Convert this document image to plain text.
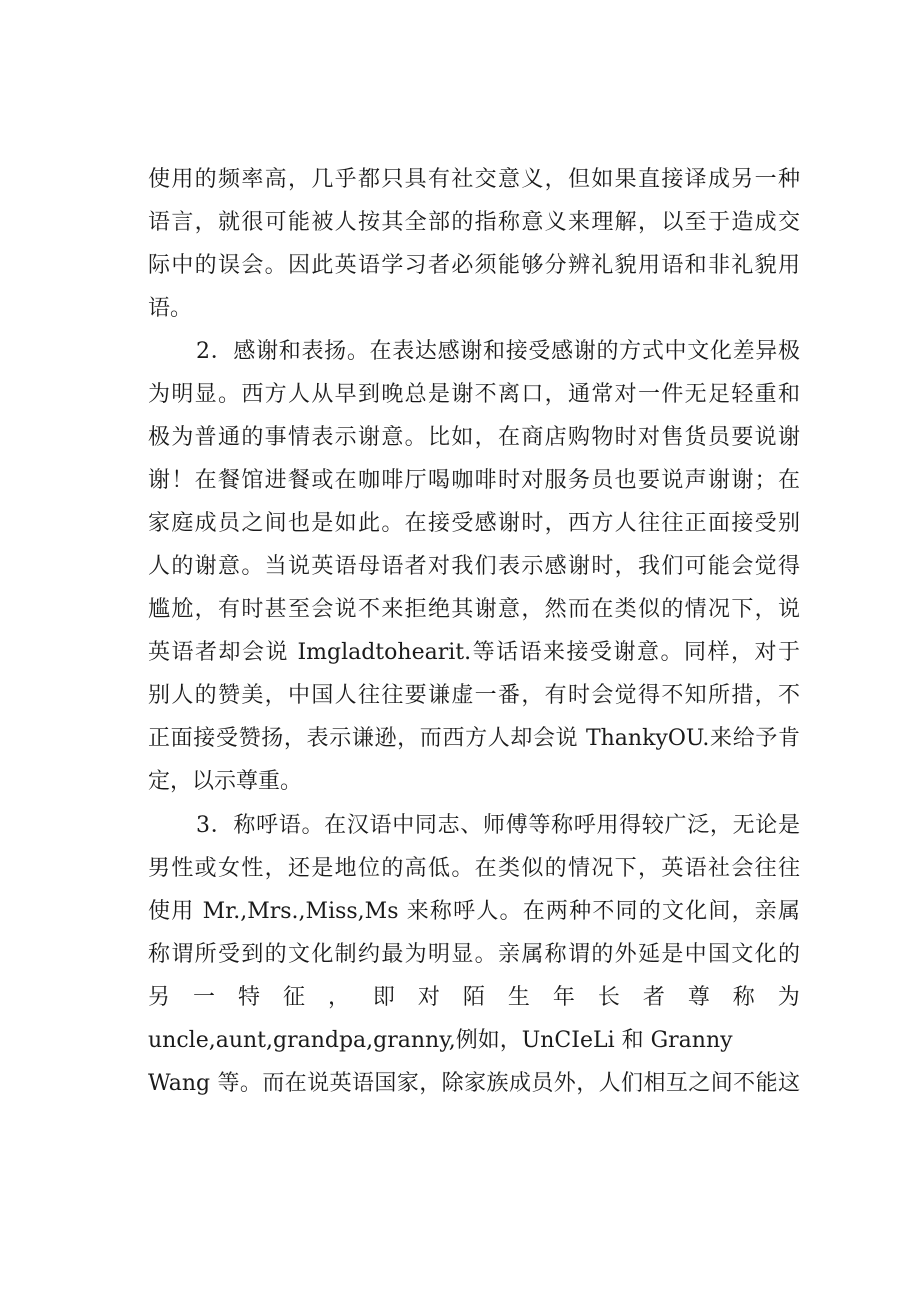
使用的频率高，几乎都只具有社交意义，但如果直接译成另一种
语言，就很可能被人按其全部的指称意义来理解，以至于造成交
际中的误会。因此英语学习者必须能够分辨礼貌用语和非礼貌用
语。
2．感谢和表扬。在表达感谢和接受感谢的方式中文化差异极
为明显。西方人从早到晚总是谢不离口，通常对一件无足轻重和
极为普通的事情表示谢意。比如，在商店购物时对售货员要说谢
谢！在餐馆进餐或在咖啡厅喝咖啡时对服务员也要说声谢谢；在
家庭成员之间也是如此。在接受感谢时，西方人往往正面接受别
人的谢意。当说英语母语者对我们表示感谢时，我们可能会觉得
尴尬，有时甚至会说不来拒绝其谢意，然而在类似的情况下，说
英语者却会说 Imgladtohearit.等话语来接受谢意。同样，对于
别人的赞美，中国人往往要谦虚一番，有时会觉得不知所措，不
正面接受赞扬，表示谦逊，而西方人却会说 ThankyOU.来给予肯
定，以示尊重。
3．称呼语。在汉语中同志、师傅等称呼用得较广泛，无论是
男性或女性，还是地位的高低。在类似的情况下，英语社会往往
使用 Mr.,Mrs.,Miss,Ms 来称呼人。在两种不同的文化间，亲属
称谓所受到的文化制约最为明显。亲属称谓的外延是中国文化的
另 一 特 征 ， 即 对 陌 生 年 长 者 尊 称 为
uncle,aunt,grandpa,granny,例如，UnCIeLi 和 Granny
Wang 等。而在说英语国家，除家族成员外，人们相互之间不能这
